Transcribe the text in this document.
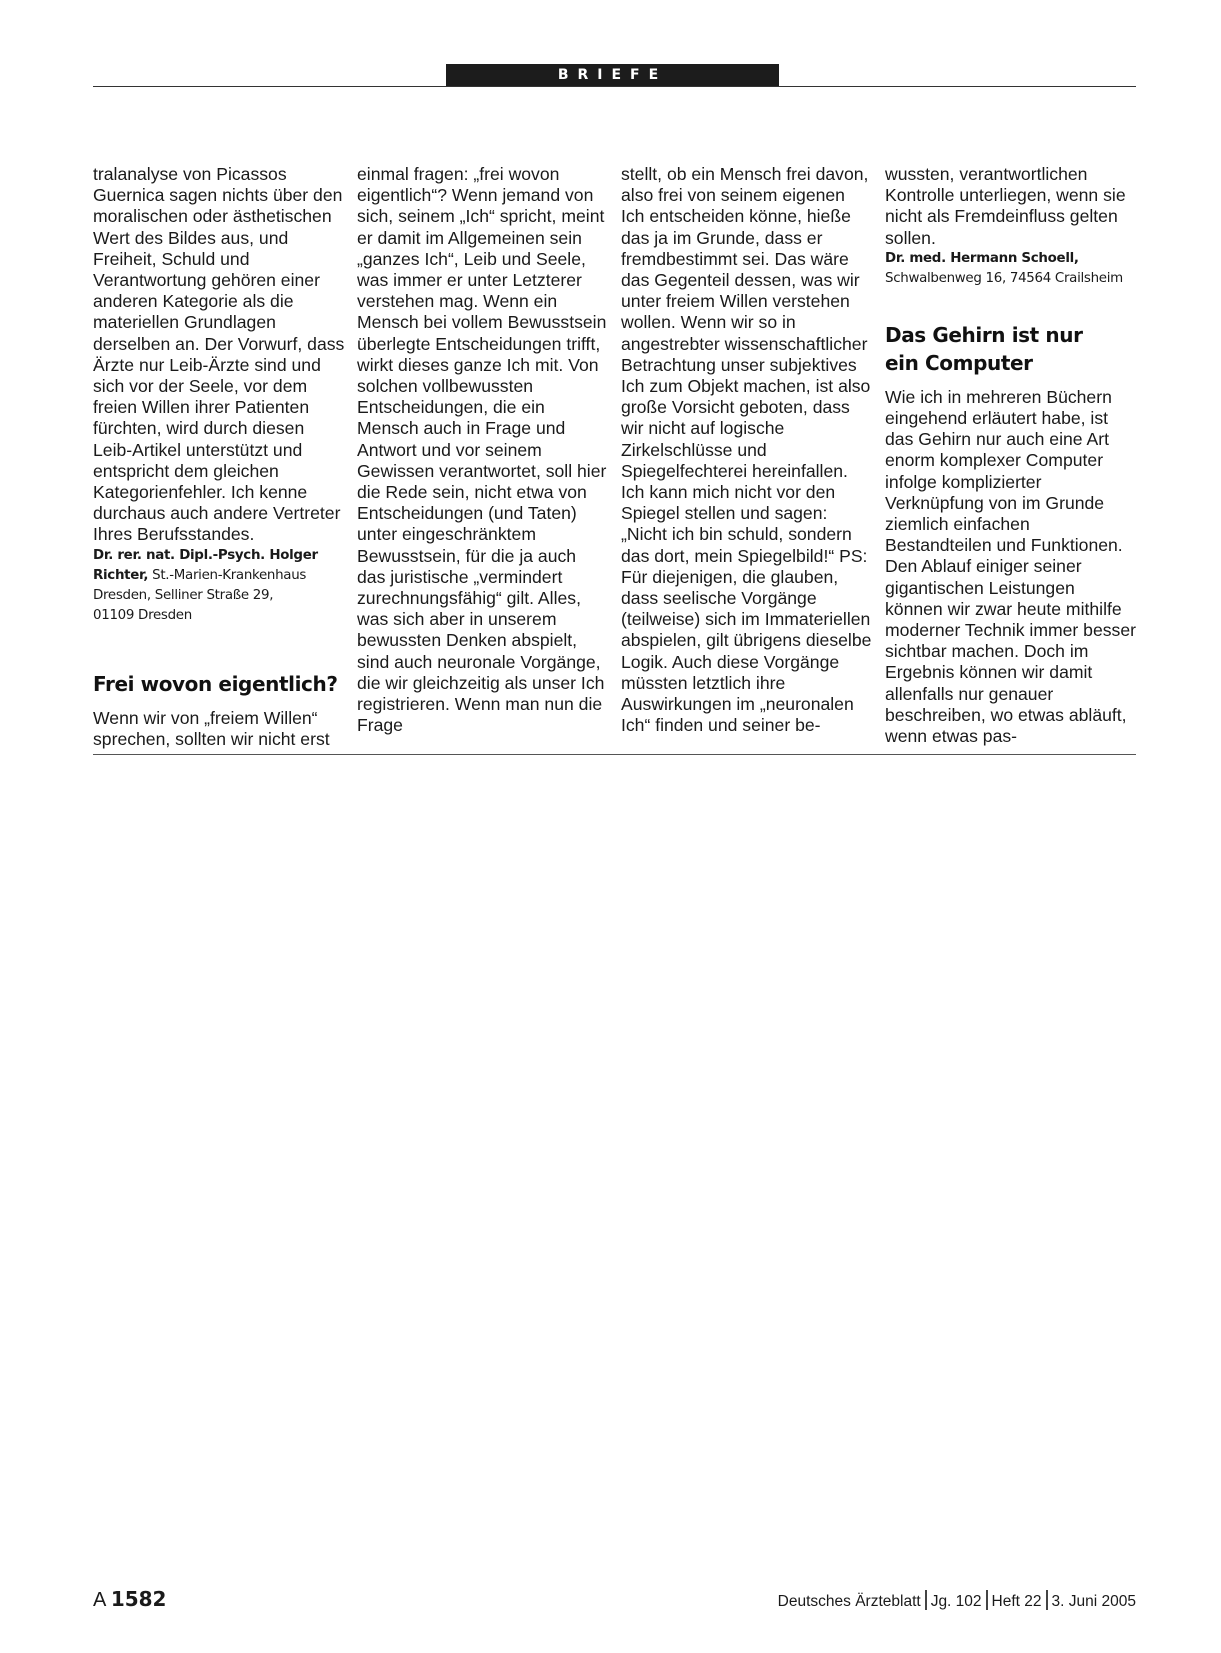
BRIEFE

tralanalyse von Picassos Guernica sagen nichts über den moralischen oder ästhetischen Wert des Bildes aus, und Freiheit, Schuld und Verantwortung gehören einer anderen Kategorie als die materiellen Grundlagen derselben an. Der Vorwurf, dass Ärzte nur Leib-Ärzte sind und sich vor der Seele, vor dem freien Willen ihrer Patienten fürchten, wird durch diesen Leib-Artikel unterstützt und entspricht dem gleichen Kategorienfehler. Ich kenne durchaus auch andere Vertreter Ihres Berufsstandes.

Dr. rer. nat. Dipl.-Psych. Holger Richter, St.-Marien-Krankenhaus Dresden, Selliner Straße 29,
01109 Dresden
Frei wovon eigentlich?

Wenn wir von „freiem Willen“ sprechen, sollten wir nicht erst

einmal fragen: „frei wovon eigentlich“? Wenn jemand von sich, seinem „Ich“ spricht, meint er damit im Allgemeinen sein „ganzes Ich“, Leib und Seele, was immer er unter Letzterer verstehen mag. Wenn ein Mensch bei vollem Bewusstsein überlegte Entscheidungen trifft, wirkt dieses ganze Ich mit. Von solchen vollbewussten Entscheidungen, die ein Mensch auch in Frage und Antwort und vor seinem Gewissen verantwortet, soll hier die Rede sein, nicht etwa von Entscheidungen (und Taten) unter eingeschränktem Bewusstsein, für die ja auch das juristische „vermindert zurechnungsfähig“ gilt. Alles, was sich aber in unserem bewussten Denken abspielt, sind auch neuronale Vorgänge, die wir gleichzeitig als unser Ich registrieren. Wenn man nun die Frage

stellt, ob ein Mensch frei davon, also frei von seinem eigenen Ich entscheiden könne, hieße das ja im Grunde, dass er fremdbestimmt sei. Das wäre das Gegenteil dessen, was wir unter freiem Willen verstehen wollen. Wenn wir so in angestrebter wissenschaftlicher Betrachtung unser subjektives Ich zum Objekt machen, ist also große Vorsicht geboten, dass wir nicht auf logische Zirkelschlüsse und Spiegelfechterei hereinfallen. Ich kann mich nicht vor den Spiegel stellen und sagen: „Nicht ich bin schuld, sondern das dort, mein Spiegelbild!“ PS: Für diejenigen, die glauben, dass seelische Vorgänge (teilweise) sich im Immateriellen abspielen, gilt übrigens dieselbe Logik. Auch diese Vorgänge müssten letztlich ihre Auswirkungen im „neuronalen Ich“ finden und seiner be-

wussten, verantwortlichen Kontrolle unterliegen, wenn sie nicht als Fremdeinfluss gelten sollen.

Dr. med. Hermann Schoell,
Schwalbenweg 16, 74564 Crailsheim
Das Gehirn ist nur
ein Computer

Wie ich in mehreren Büchern eingehend erläutert habe, ist das Gehirn nur auch eine Art enorm komplexer Computer infolge komplizierter Verknüpfung von im Grunde ziemlich einfachen Bestandteilen und Funktionen. Den Ablauf einiger seiner gigantischen Leistungen können wir zwar heute mithilfe moderner Technik immer besser sichtbar machen. Doch im Ergebnis können wir damit allenfalls nur genauer beschreiben, wo etwas abläuft, wenn etwas pas-

A 1582	Deutsches Ärzteblatt Jg. 102 Heft 22 3. Juni 2005
